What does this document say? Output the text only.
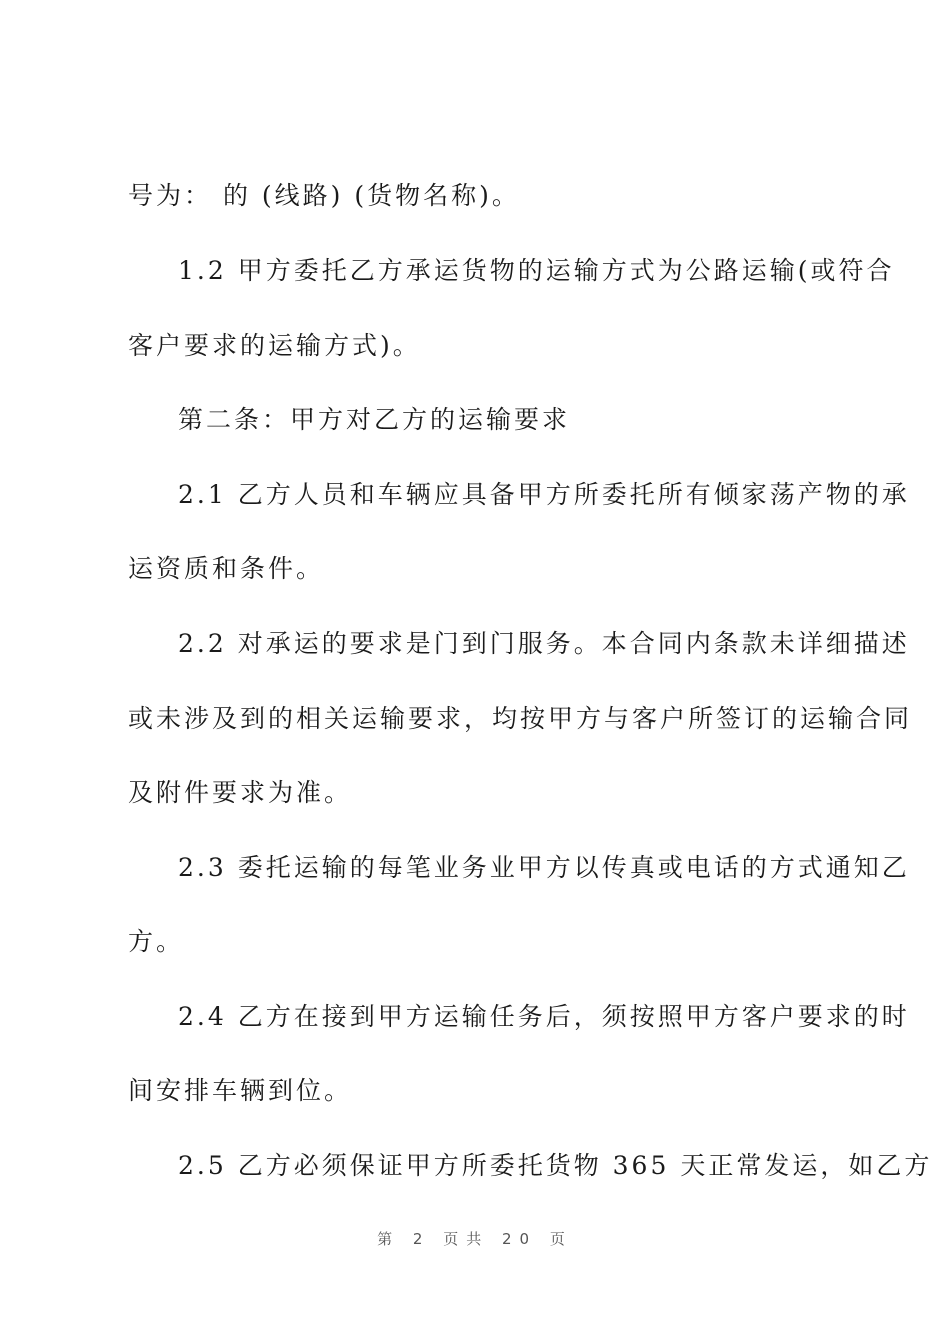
号为： 的 (线路) (货物名称)。
1.2 甲方委托乙方承运货物的运输方式为公路运输(或符合
客户要求的运输方式)。
第二条：甲方对乙方的运输要求
2.1 乙方人员和车辆应具备甲方所委托所有倾家荡产物的承
运资质和条件。
2.2 对承运的要求是门到门服务。本合同内条款未详细描述
或未涉及到的相关运输要求，均按甲方与客户所签订的运输合同
及附件要求为准。
2.3 委托运输的每笔业务业甲方以传真或电话的方式通知乙
方。
2.4 乙方在接到甲方运输任务后，须按照甲方客户要求的时
间安排车辆到位。
2.5 乙方必须保证甲方所委托货物 365 天正常发运，如乙方
第 2 页共 20 页
